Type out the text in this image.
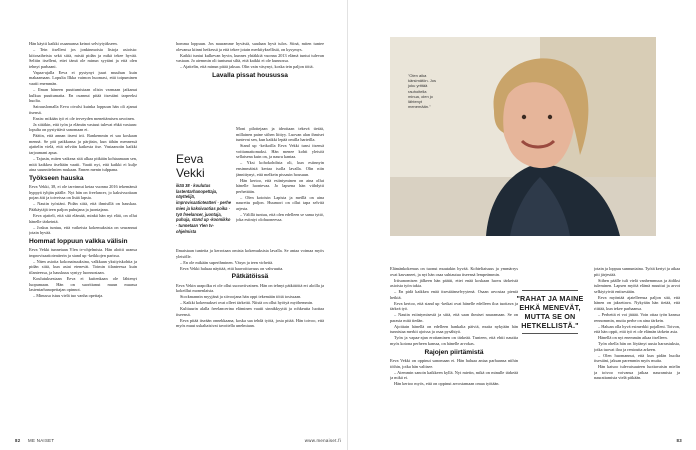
Hän käytti kaikki osaamansa keinot selviytyäkseen.

– Tein itselleni jos jonkinmoisia listoja asioista: kiitosaiheista sekä siitä, mistä pidän ja mikä tekee hyvää. Selitin itselleni, ettei tämä ole minun syytäni ja että olen tehnyt parhaani.

Vapaa-ajalla Eeva ei pystynyt juuri muuhun kuin makaamaan. Lopulta Ilkka vaimon huomasi, että toipuminen vaatii enemmän.

– Ilman häneen puuttumistaan olisin varmaan jatkanut kulkua puuttumatta. En osannut pitää itsestäni tarpeeksi huolta.

Sairauslomalla Eeva oivalsi kuinka loppuun hän oli ajanut itsensä.

Ensin: mikään työ ei ole terveyden menettämisen arvoinen.

Ja siitäkin, että työn ja elämän vastuut tulevat ehkä vastaan: lopulta on pystyttävä sanomaan ei.

Päätin, että annan itseni irti. Rankemmin ei saa koskaan mennä. Se piti paikkansa ja pärjäsin, kun tähän mennessä ajattelin vielä, että selviän kaikesta itse. Vastaanotin kaikki tarjoamani apua.

– Tajusin, miten vaikeaa sitä alkaa pitkään kohtaamaan sen, mitä kaikkea itseltään vaatii. Vaatii nyt, että kaikki ei kulje aina suunnitelmien mukaan. Ennen menin tulppana.

Työkseen hauska

Eeva Vekki, 38, ei ole tarvinnut ketaa vuonna 2016 tekemänsä hyppyä tyhjän päälle. Nyt hän on freelancer, jo kaksivuotiaan pojan äiti ja toiveissa on lisää lapsia.

– Nautin työstäni. Pidän siitä, että ihmisillä on hauskaa. Pääkäytäjä teen paljon puhujana ja juontajana.

Eeva ajatteli, että sitä elämää, minkä hän nyt elää, on ollut hänelle tärkeintä.

– Joskus tuntuu, että vaikeista kokemuksista on seurannut jotain hyvää.

Hommat loppuun valkka välisin

Eeva Vekki tunnetaan Ylen tv-ohjelmista. Hän aloitti uransa improvisaatioteatterin ja stand up -keikkojen parissa.

– Näen asioita kokonaisuuksina, valkkaan yksityiskohtia ja pidän siitä, kun asiat etenevät. Toimin tilanteessa kuin tilanteessa, ja hauskuus syntyy luonnostaan.

Koulutuksestaan Eeva ei kuitenkaan ole lähtenyt luopumaan. Hän on suorittanut muun muassa lastentarhanopettajan opinnot.

– Minussa istuu vielä tuo vanha opettaja.

homma loppuun. Jos nauramme hyvästä, saadaan hyvä tulos. Siinä, miten tuntee olevansa kiinni hetkessä ja että tekee jotain merkityksellistä, on kysymys.

Kaikki tuntui kulkevan hyvin, kunnes yhtäkkiä vuonna 2013 elämä tuntui tulevan vastaan. Jo aiemmin oli tuntunut siltä, että kaikki ei ole kunnossa.

– Ajattelin, että minun pitää jaksaa. Olin vain väsynyt, koska tein paljon töitä.

Lavalla pissat housussa

Moni pilottejaan ja ideoitaan tekevä tietää, millainen paine siihen liittyy. Luovan alan ihmiset tuntevat sen, kun kaikki lepää omilla harteilla.

Stand up -keikoilla Eeva Vekki tunsi itsensä voittamattomaksi. Hän menee kohti yleisöä sellaisena kuin on, ja nauru kantaa.

– Yksi kohokohdista oli, kun esiinnyin ensimmäistä kertaa isolla lavalla. Olin niin jännittynyt, että melkein pissasin housuun.

Hän kertoo, että esiintyminen on aina ollut hänelle luontevaa. Jo lapsena hän viihdytti perhettään.

– Olen kotoisin Lapista ja meillä on aina naurettu paljon. Huumori on ollut tapa selvitä arjesta.

– Välillä tuntuu, että olen edelleen se sama tyttö, joka esiintyi olohuoneessa.

Eeva Vekki
ikää 38 · koulutus lastentarhanopettaja, näyttelijä, improvisaatioteatteri · perhe mies ja kaksivuotias poika · työ freelancer, juontaja, puhuja, stand up -koomikko · tunnetaan Ylen tv-ohjelmista

Ilmaistaan tunteita ja kerrotaan omista kokemuksista lavalla. Se antaa voimaa myös yleisölle.

– En ole mikään superihminen. Väsyn ja teen virheitä.

Eeva Vekki haluaa näyttää, että haavoittuvuus on vahvuutta.

Pätkätöissä

Eeva Vekin urapolku ei ole ollut suoraviivainen. Hän on tehnyt pätkätöitä eri aloilla ja kokeillut monenlaista.

Stockmannin myyjänä ja siivoojana hän oppi tekemään töitä tosissaan.

– Kaikki kokemukset ovat olleet tärkeitä. Niistä on ollut hyötyä myöhemmin.

Kulttuurin alalla freelancerina eläminen vaatii sinnikkyyttä ja rohkeutta luottaa itseensä.

Eeva pitää itseään onnekkaana, koska saa tehdä työtä, josta pitää. Hän toivoo, että myös muut uskaltaisivat tavoitella unelmiaan.

82 ME NAISET	www.menaiset.fi
"Olen aika kärsimätön. Jos joku yrittää rauhoitella minua, olen jo lähtenyt menemään."

Elämänkokemus on tuonut muutakin hyvää. Kohteliaisuus ja ymmärrys ovat kasvaneet, ja nyt hän osaa suhtautua itseensä lempeämmin.

Irtisanomisen jälkeen hän päätti, ettei enää koskaan luovu tärkeistä asioista työn takia.

– En pidä kaikkea enää itsestäänselvyytenä. Osaan arvostaa pieniä hetkiä.

Eeva kertoo, että stand up -keikat ovat hänelle edelleen iloa tuottava ja tärkeä työ.

– Nautin esiintymisestä ja siitä, että saan ihmiset nauramaan. Se on parasta mitä tiedän.

Ajoittain hänellä on edelleen hankalia päiviä, mutta nykyään hän tunnistaa merkit ajoissa ja osaa pysähtyä.

Työn ja vapaa-ajan erottaminen on tärkeää. Tunteen, että ehtii nauttia myös kotona perheen kanssa, on hänelle arvokas.

Rajojen piirtämistä

Eeva Vekki on oppinut sanomaan ei. Hän haluaa antaa parhaansa niihin töihin, jotka hän valitsee.

– Aiemmin sanoin kaikkeen kyllä. Nyt mietin, mikä on minulle tärkeää ja mikä ei.

Hän kertoo myös, että on oppinut arvostamaan omaa työtään.

"RAHAT JA MAINE EHKÄ MENEVÄT, MUTTA SE ON HETKELLISTÄ."

jotain ja loppuu sunnuntaina. Työtä kertyi ja aikaa piti järjestää.

Siihen päälle tuli vielä vanhemmuus ja äidiksi tuleminen. Lapsen myötä elämä muuttui ja arvot selkiytyivät entisestään.

Eeva myöntää ajatelleensa paljon sitä, että hänen on jaksettava. Nykyään hän tietää, että riittää, kun tekee parhaansa.

– Perhettä ei voi jättää. Voin ottaa työn kanssa rennommin, mutta perhe on aina tärkein.

– Haluan olla hyvä esimerkki pojalleni. Toivon, että hän oppii, että työ ei ole elämän tärkein asia.

Hänellä on nyt enemmän aikaa itselleen.

Työn ohella hän on löytänyt uusia harrastuksia, jotka tuovat iloa ja rentoutta arkeen.

– Olen huomannut, että kun pidän huolta itsestäni, jaksan paremmin myös muita.

Hän katsoo tulevaisuuteen luottavaisin mielin ja toivoo voivansa jatkaa nauramista ja naurattamista vielä pitkään.

83
